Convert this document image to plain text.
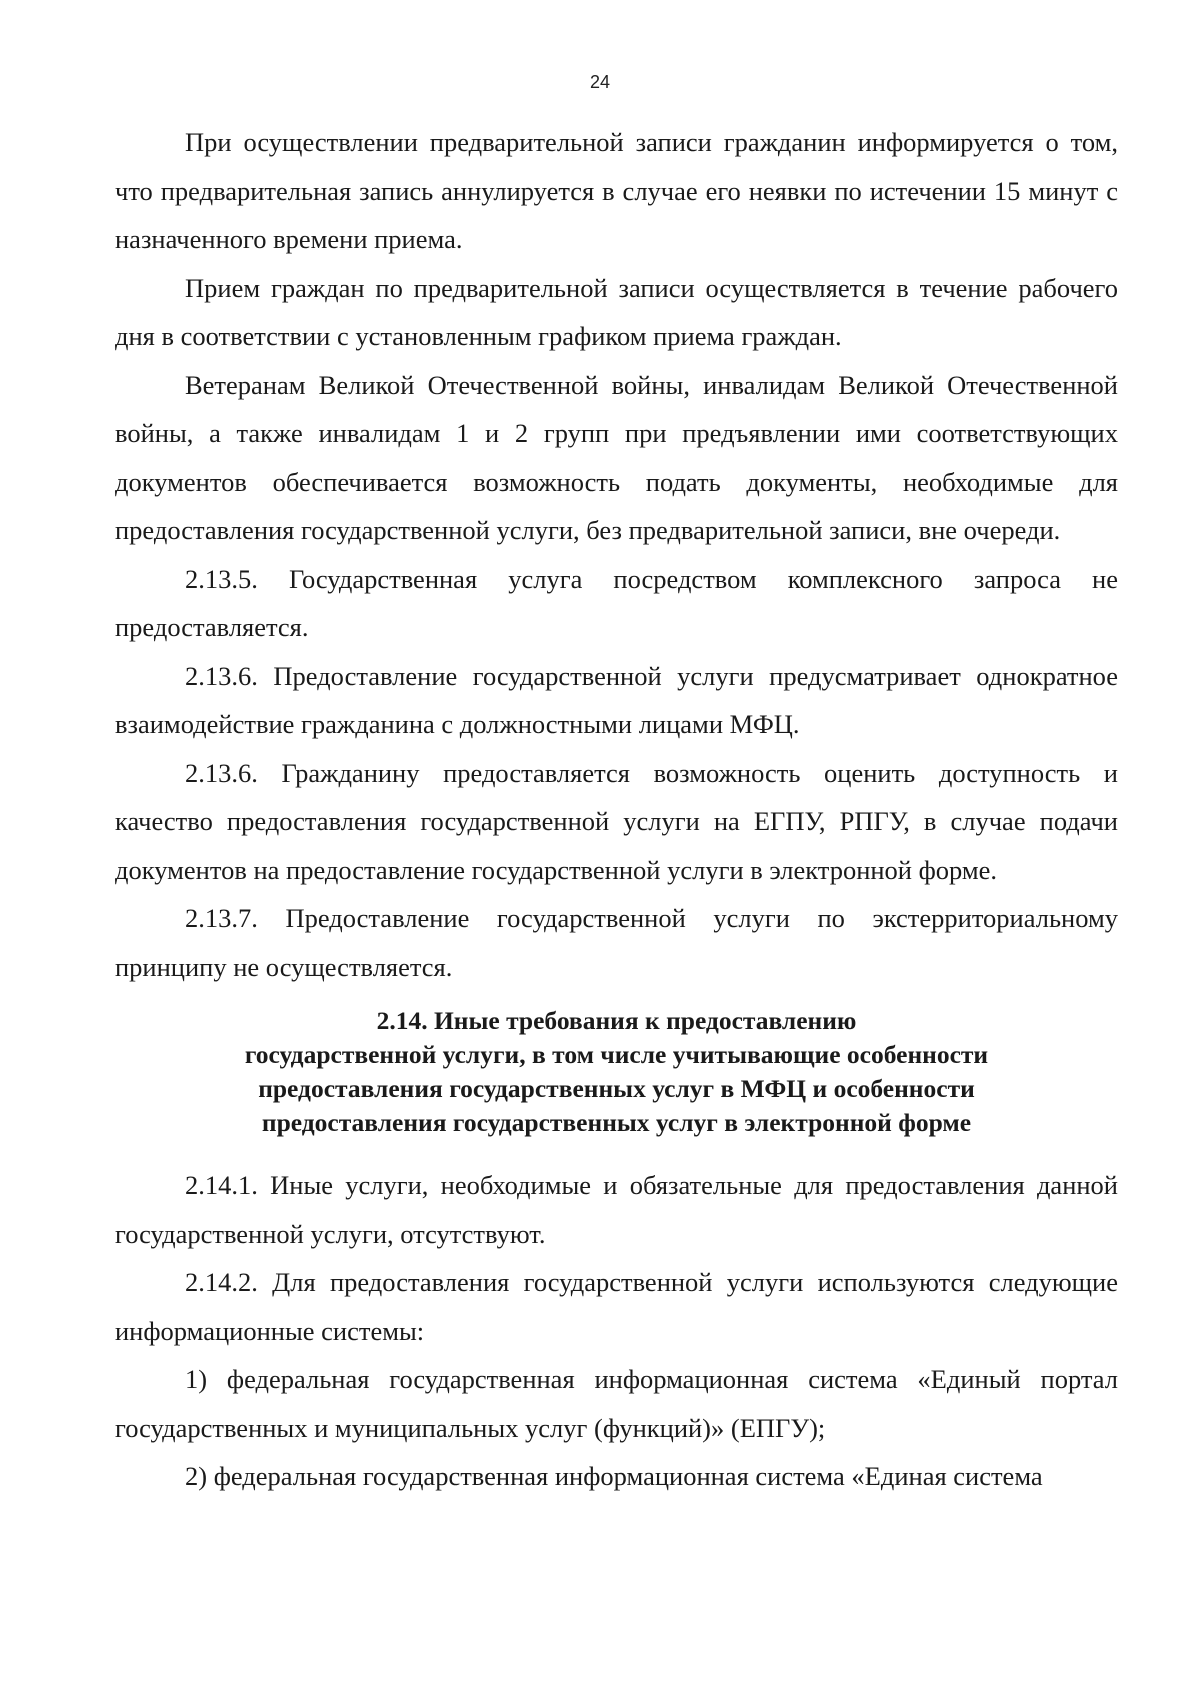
24

При осуществлении предварительной записи гражданин информируется о том, что предварительная запись аннулируется в случае его неявки по истечении 15 минут с назначенного времени приема.

Прием граждан по предварительной записи осуществляется в течение рабочего дня в соответствии с установленным графиком приема граждан.

Ветеранам Великой Отечественной войны, инвалидам Великой Отечественной войны, а также инвалидам 1 и 2 групп при предъявлении ими соответствующих документов обеспечивается возможность подать документы, необходимые для предоставления государственной услуги, без предварительной записи, вне очереди.

2.13.5. Государственная услуга посредством комплексного запроса не предоставляется.

2.13.6. Предоставление государственной услуги предусматривает однократное взаимодействие гражданина с должностными лицами МФЦ.

2.13.6. Гражданину предоставляется возможность оценить доступность и качество предоставления государственной услуги на ЕГПУ, РПГУ, в случае подачи документов на предоставление государственной услуги в электронной форме.

2.13.7. Предоставление государственной услуги по экстерриториальному принципу не осуществляется.

2.14. Иные требования к предоставлению
государственной услуги, в том числе учитывающие особенности
предоставления государственных услуг в МФЦ и особенности
предоставления государственных услуг в электронной форме

2.14.1. Иные услуги, необходимые и обязательные для предоставления данной государственной услуги, отсутствуют.

2.14.2. Для предоставления государственной услуги используются следующие информационные системы:

1) федеральная государственная информационная система «Единый портал государственных и муниципальных услуг (функций)» (ЕПГУ);

2) федеральная государственная информационная система «Единая система
